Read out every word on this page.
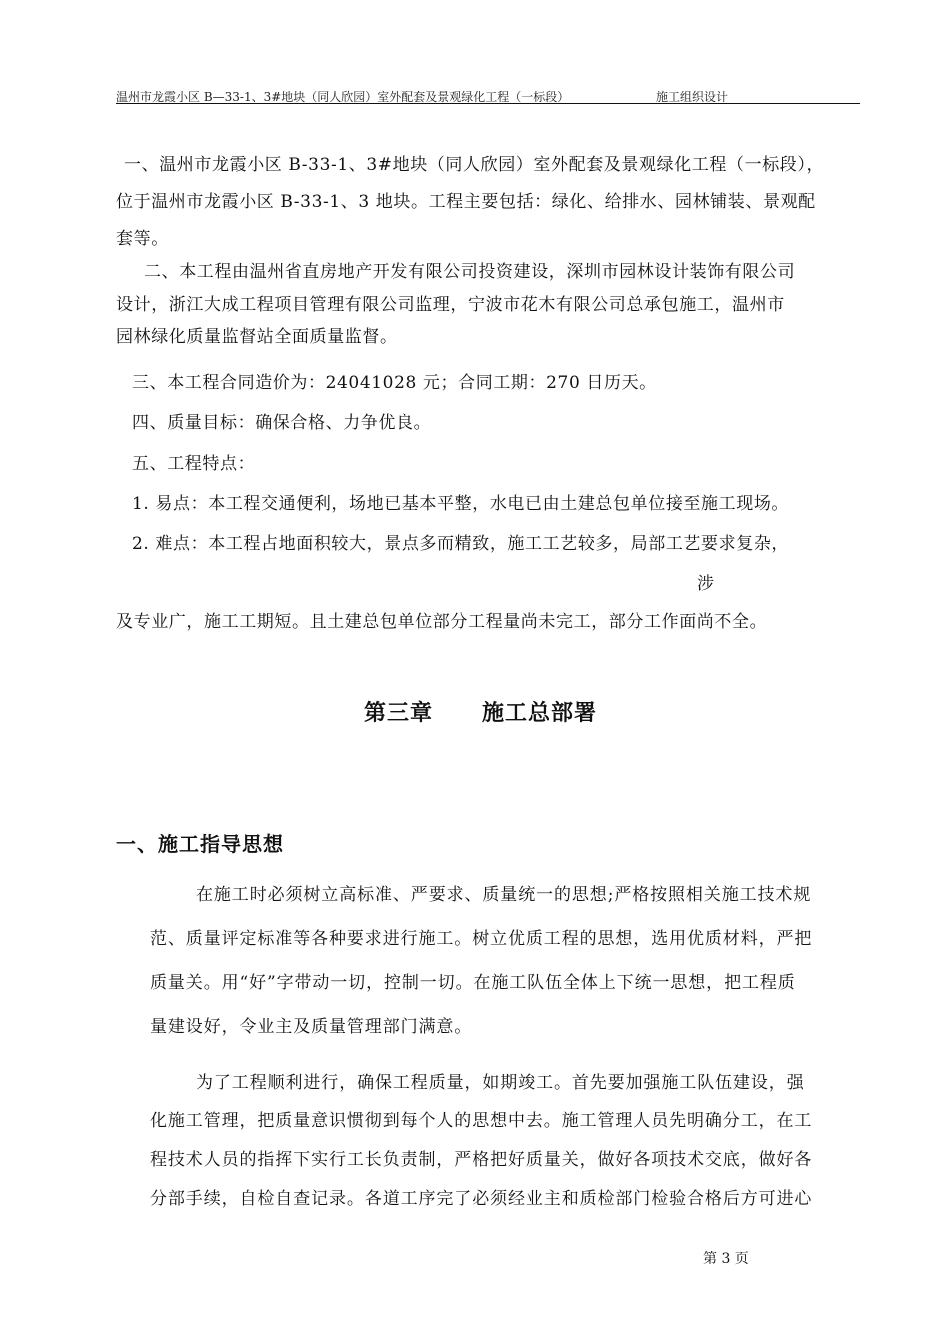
温州市龙霞小区 B—33-1、3#地块（同人欣园）室外配套及景观绿化工程（一标段）	施工组织设计
一、温州市龙霞小区 B-33-1、3#地块（同人欣园）室外配套及景观绿化工程（一标段），
位于温州市龙霞小区 B-33-1、3 地块。工程主要包括：绿化、给排水、园林铺装、景观配
套等。
二、本工程由温州省直房地产开发有限公司投资建设，深圳市园林设计装饰有限公司
设计，浙江大成工程项目管理有限公司监理，宁波市花木有限公司总承包施工，温州市
园林绿化质量监督站全面质量监督。
三、本工程合同造价为：24041028 元；合同工期：270 日历天。
四、质量目标：确保合格、力争优良。
五、工程特点：
1. 易点：本工程交通便利，场地已基本平整，水电已由土建总包单位接至施工现场。
2. 难点：本工程占地面积较大，景点多而精致，施工工艺较多，局部工艺要求复杂，
涉
及专业广，施工工期短。且土建总包单位部分工程量尚未完工，部分工作面尚不全。
第三章 施工总部署
一、施工指导思想
在施工时必须树立高标准、严要求、质量统一的思想;严格按照相关施工技术规
范、质量评定标准等各种要求进行施工。树立优质工程的思想，选用优质材料，严把
质量关。用“好”字带动一切，控制一切。在施工队伍全体上下统一思想，把工程质
量建设好，令业主及质量管理部门满意。
为了工程顺利进行，确保工程质量，如期竣工。首先要加强施工队伍建设，强
化施工管理，把质量意识惯彻到每个人的思想中去。施工管理人员先明确分工，在工
程技术人员的指挥下实行工长负责制，严格把好质量关，做好各项技术交底，做好各
分部手续，自检自查记录。各道工序完了必须经业主和质检部门检验合格后方可进心
第 3 页
